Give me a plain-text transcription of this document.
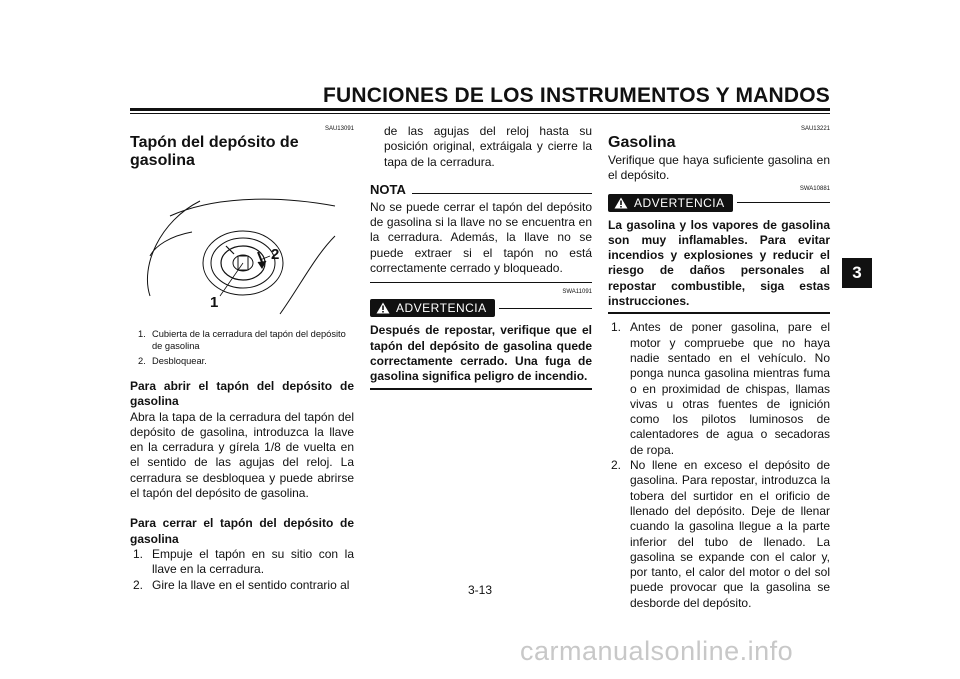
FUNCIONES DE LOS INSTRUMENTOS Y MANDOS
3
SAU13091
Tapón del depósito de gasolina
1
2
1. Cubierta de la cerradura del tapón del depósito de gasolina
2. Desbloquear.
Para abrir el tapón del depósito de gasolina
Abra la tapa de la cerradura del tapón del depósito de gasolina, introduzca la llave en la cerradura y gírela 1/8 de vuelta en el sentido de las agujas del reloj. La cerradura se desbloquea y puede abrirse el tapón del depósito de gasolina.
Para cerrar el tapón del depósito de gasolina
1. Empuje el tapón en su sitio con la llave en la cerradura.
2. Gire la llave en el sentido contrario al
de las agujas del reloj hasta su posición original, extráigala y cierre la tapa de la cerradura.
NOTA
No se puede cerrar el tapón del depósito de gasolina si la llave no se encuentra en la cerradura. Además, la llave no se puede extraer si el tapón no está correctamente cerrado y bloqueado.
SWA11091
ADVERTENCIA
Después de repostar, verifique que el tapón del depósito de gasolina quede correctamente cerrado. Una fuga de gasolina significa peligro de incendio.
SAU13221
Gasolina
Verifique que haya suficiente gasolina en el depósito.
SWA10881
ADVERTENCIA
La gasolina y los vapores de gasolina son muy inflamables. Para evitar incendios y explosiones y reducir el riesgo de daños personales al repostar combustible, siga estas instrucciones.
1. Antes de poner gasolina, pare el motor y compruebe que no haya nadie sentado en el vehículo. No ponga nunca gasolina mientras fuma o en proximidad de chispas, llamas vivas u otras fuentes de ignición como los pilotos luminosos de calentadores de agua o secadoras de ropa.
2. No llene en exceso el depósito de gasolina. Para repostar, introduzca la tobera del surtidor en el orificio de llenado del depósito. Deje de llenar cuando la gasolina llegue a la parte inferior del tubo de llenado. La gasolina se expande con el calor y, por tanto, el calor del motor o del sol puede provocar que la gasolina se desborde del depósito.
3-13
carmanualsonline.info
